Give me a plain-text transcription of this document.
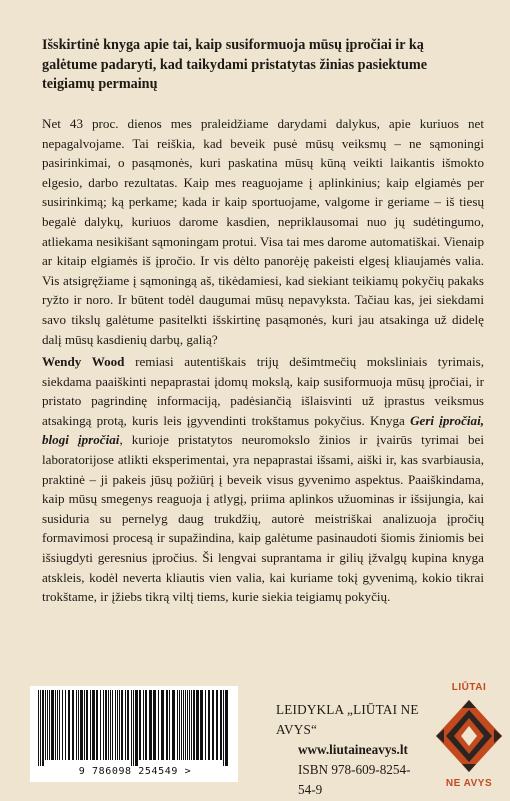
Išskirtinė knyga apie tai, kaip susiformuoja mūsų įpročiai ir ką galėtume padaryti, kad taikydami pristatytas žinias pasiektume teigiamų permainų
Net 43 proc. dienos mes praleidžiame darydami dalykus, apie kuriuos net nepagalvojame. Tai reiškia, kad beveik pusė mūsų veiksmų – ne sąmoningi pasirinkimai, o pasąmonės, kuri paskatina mūsų kūną veikti laikantis išmokto elgesio, darbo rezultatas. Kaip mes reaguojame į aplinkinius; kaip elgiamės per susirinkimą; ką perkame; kada ir kaip sportuojame, valgome ir geriame – iš tiesų begalė dalykų, kuriuos darome kasdien, nepriklausomai nuo jų sudėtingumo, atliekama nesikišant sąmoningam protui. Visa tai mes darome automatiškai. Vienaip ar kitaip elgiamės iš įpročio. Ir vis dėlto panorėję pakeisti elgesį kliaujamės valia. Vis atsigręžiame į sąmoningą aš, tikėdamiesi, kad siekiant teikiamų pokyčių pakaks ryžto ir noro. Ir būtent todėl daugumai mūsų nepavyksta. Tačiau kas, jei siekdami savo tikslų galėtume pasitelkti išskirtinę pasąmonės, kuri jau atsakinga už didelę dalį mūsų kasdienių darbų, galią?
Wendy Wood remiasi autentiškais trijų dešimtmečių moksliniais tyrimais, siekdama paaiškinti nepaprastai įdomų mokslą, kaip susiformuoja mūsų įpročiai, ir pristato pagrindinę informaciją, padėsiančią išlaisvinti už įprastus veiksmus atsakingą protą, kuris leis įgyvendinti trokštamus pokyčius. Knyga Geri įpročiai, blogi įpročiai, kurioje pristatytos neuromokslo žinios ir įvairūs tyrimai bei laboratorijose atlikti eksperimentai, yra nepaprastai išsami, aiški ir, kas svarbiausia, praktinė – ji pakeis jūsų požiūrį į beveik visus gyvenimo aspektus. Paaiškindama, kaip mūsų smegenys reaguoja į atlygį, priima aplinkos užuominas ir išsijungia, kai susiduria su pernelyg daug trukdžių, autorė meistriškai analizuoja įpročių formavimosi procesą ir supažindina, kaip galėtume pasinaudoti šiomis žiniomis bei išsiugdyti geresnius įpročius. Ši lengvai suprantama ir gilių įžvalgų kupina knyga atskleis, kodėl neverta kliautis vien valia, kai kuriame tokį gyvenimą, kokio tikrai trokštame, ir įžiebs tikrą viltį tiems, kurie siekia teigiamų pokyčių.
9 786098 254549 >
LEIDYKLA „LIŪTAI NE AVYS“
www.liutaineavys.lt
ISBN 978-609-8254-54-9
LIŪTAI
NE AVYS
